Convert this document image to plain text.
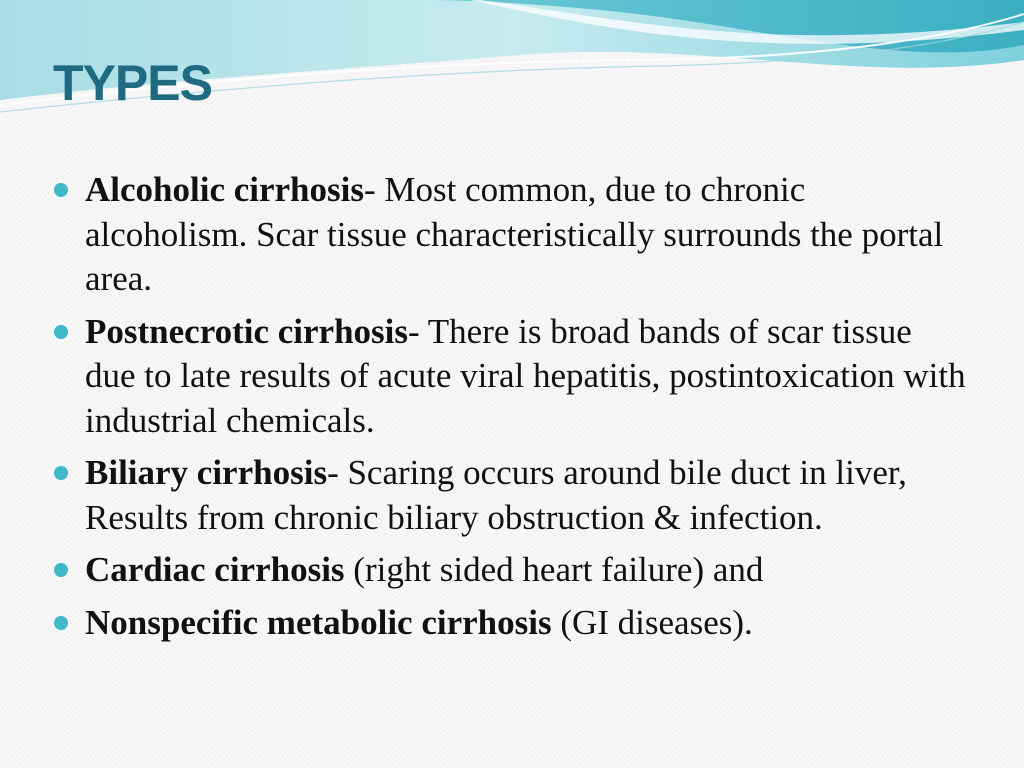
TYPES
Alcoholic cirrhosis- Most common, due to chronic alcoholism. Scar tissue characteristically surrounds the portal area.
Postnecrotic cirrhosis- There is broad bands of scar tissue due to late results of acute viral hepatitis, postintoxication with industrial chemicals.
Biliary cirrhosis- Scaring occurs around bile duct in liver, Results from chronic biliary obstruction & infection.
Cardiac cirrhosis (right sided heart failure) and
Nonspecific metabolic cirrhosis (GI diseases).
